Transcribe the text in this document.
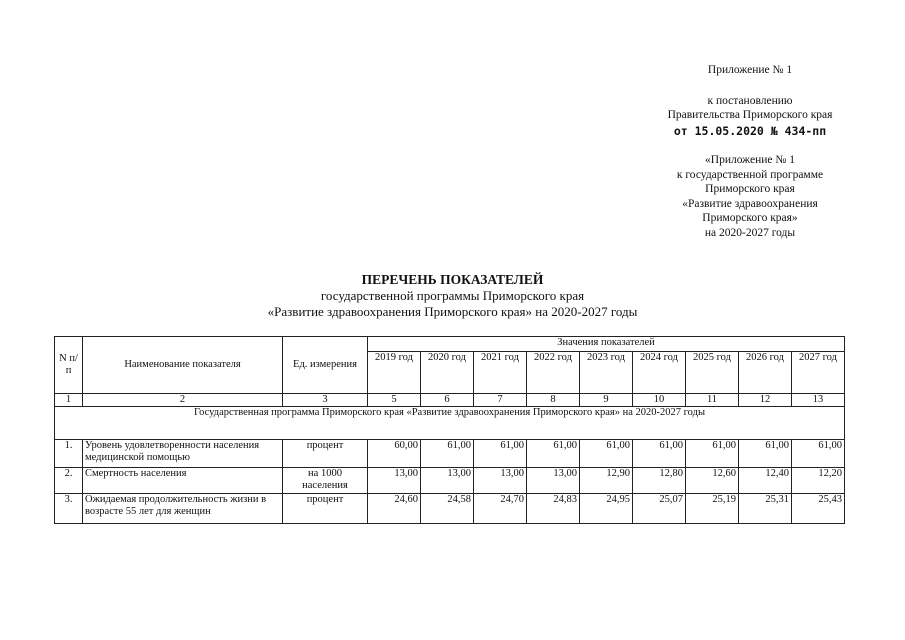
Приложение № 1
к постановлению
Правительства Приморского края
от 15.05.2020 № 434-пп
«Приложение № 1
к государственной программе
Приморского края
«Развитие здравоохранения
Приморского края»
на 2020-2027 годы
ПЕРЕЧЕНЬ ПОКАЗАТЕЛЕЙ
государственной программы Приморского края
«Развитие здравоохранения Приморского края» на 2020-2027 годы
N п/п	Наименование показателя	Ед. измерения	Значения показателей								
			2019 год	2020 год	2021 год	2022 год	2023 год	2024 год	2025 год	2026 год	2027 год
1	2	3	5	6	7	8	9	10	11	12	13
Государственная программа Приморского края «Развитие здравоохранения Приморского края» на 2020-2027 годы											
1.	Уровень удовлетворенности населения медицинской помощью	процент	60,00	61,00	61,00	61,00	61,00	61,00	61,00	61,00	61,00
2.	Смертность населения	на 1000 населения	13,00	13,00	13,00	13,00	12,90	12,80	12,60	12,40	12,20
3.	Ожидаемая продолжительность жизни в возрасте 55 лет для женщин	процент	24,60	24,58	24,70	24,83	24,95	25,07	25,19	25,31	25,43
